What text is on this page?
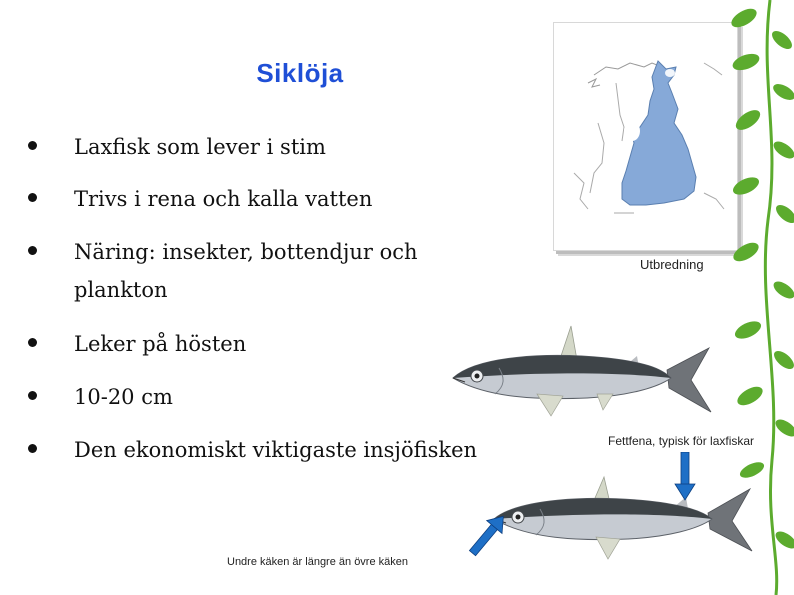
Siklöja
Laxfisk som lever i stim
Trivs i rena och kalla vatten
Näring: insekter, bottendjur och plankton
Leker på hösten
10-20 cm
Den ekonomiskt viktigaste insjöfisken
Utbredning
Fettfena, typisk för laxfiskar
Undre käken är längre än övre käken
